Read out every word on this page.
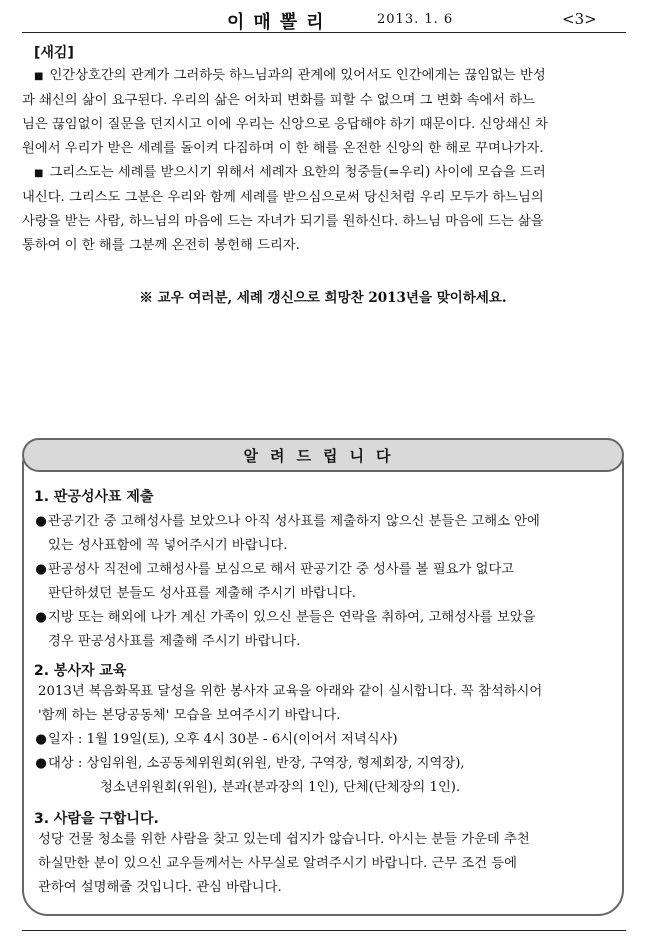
이매뽈리	2013. 1. 6	<3>
[새김]
■ 인간상호간의 관계가 그러하듯 하느님과의 관계에 있어서도 인간에게는 끊임없는 반성
과 쇄신의 삶이 요구된다. 우리의 삶은 어차피 변화를 피할 수 없으며 그 변화 속에서 하느
님은 끊임없이 질문을 던지시고 이에 우리는 신앙으로 응답해야 하기 때문이다. 신앙쇄신 차
원에서 우리가 받은 세례를 돌이켜 다짐하며 이 한 해를 온전한 신앙의 한 해로 꾸며나가자.
■ 그리스도는 세례를 받으시기 위해서 세례자 요한의 청중들(=우리) 사이에 모습을 드러
내신다. 그리스도 그분은 우리와 함께 세례를 받으심으로써 당신처럼 우리 모두가 하느님의
사랑을 받는 사람, 하느님의 마음에 드는 자녀가 되기를 원하신다. 하느님 마음에 드는 삶을
통하여 이 한 해를 그분께 온전히 봉헌해 드리자.
※ 교우 여러분, 세례 갱신으로 희망찬 2013년을 맞이하세요.
알려드립니다
1. 판공성사표 제출
●관공기간 중 고해성사를 보았으나 아직 성사표를 제출하지 않으신 분들은 고해소 안에
있는 성사표함에 꼭 넣어주시기 바랍니다.
●판공성사 직전에 고해성사를 보심으로 해서 판공기간 중 성사를 볼 필요가 없다고
판단하셨던 분들도 성사표를 제출해 주시기 바랍니다.
●지방 또는 해외에 나가 계신 가족이 있으신 분들은 연락을 취하여, 고해성사를 보았을
경우 판공성사표를 제출해 주시기 바랍니다.
2. 봉사자 교육
2013년 복음화목표 달성을 위한 봉사자 교육을 아래와 같이 실시합니다. 꼭 참석하시어
'함께 하는 본당공동체' 모습을 보여주시기 바랍니다.
●일자 : 1월 19일(토), 오후 4시 30분 - 6시(이어서 저녁식사)
●대상 : 상임위원, 소공동체위원회(위원, 반장, 구역장, 형제회장, 지역장),
청소년위원회(위원), 분과(분과장의 1인), 단체(단체장의 1인).
3. 사람을 구합니다.
성당 건물 청소를 위한 사람을 찾고 있는데 쉽지가 않습니다. 아시는 분들 가운데 추천
하실만한 분이 있으신 교우들께서는 사무실로 알려주시기 바랍니다. 근무 조건 등에
관하여 설명해줄 것입니다. 관심 바랍니다.
